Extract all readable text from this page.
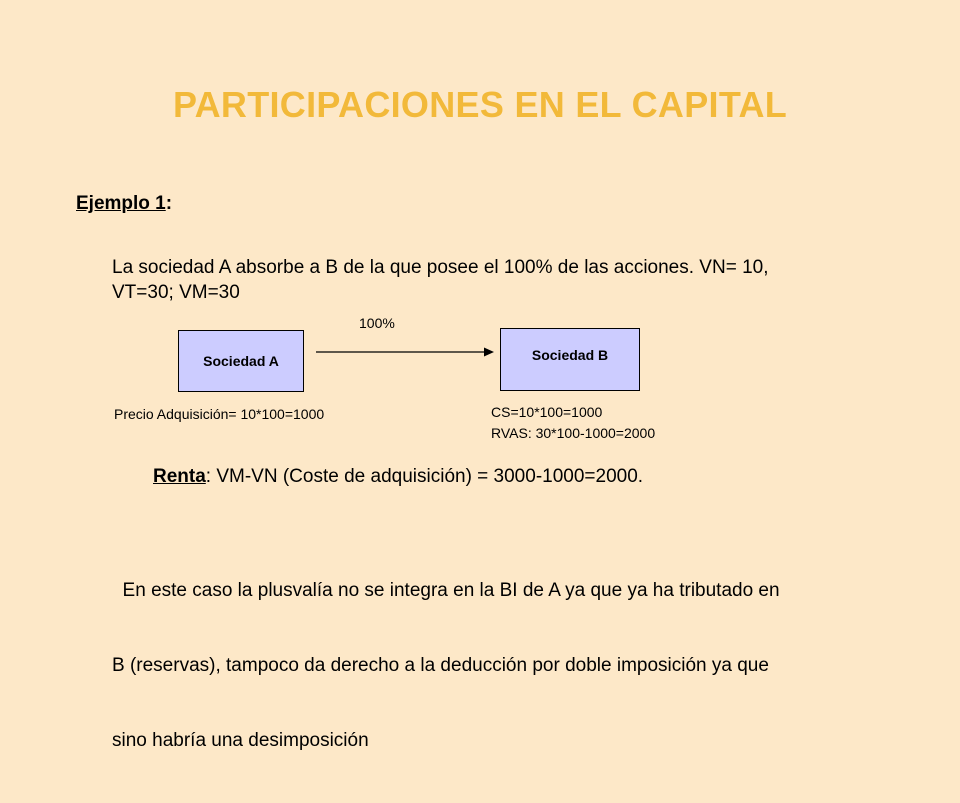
PARTICIPACIONES EN EL CAPITAL
Ejemplo 1:
La sociedad A absorbe a B de la que posee el 100% de las acciones. VN= 10,
VT=30; VM=30
100%
Sociedad A	Sociedad B
Precio Adquisición= 10*100=1000	CS=10*100=1000
RVAS: 30*100-1000=2000
Renta: VM-VN (Coste de adquisición) = 3000-1000=2000.

En este caso la plusvalía no se integra en la BI de A ya que ya ha tributado en

B (reservas), tampoco da derecho a la deducción por doble imposición ya que

sino habría una desimposición
